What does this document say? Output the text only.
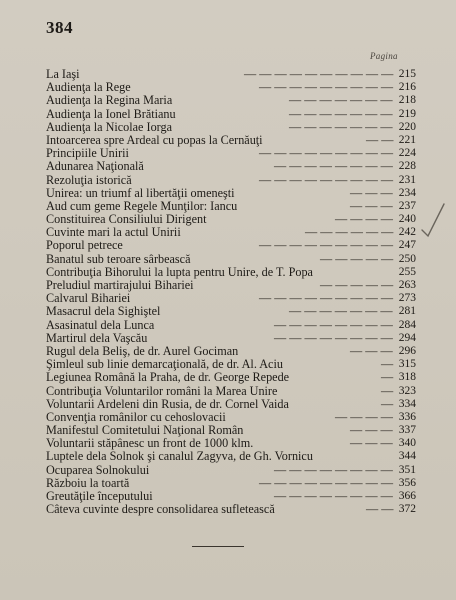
384
Pagina
La Iaşi	— — — — — — — — — — 215
Audienţa la Rege	— — — — — — — — — 216
Audienţa la Regina Maria	— — — — — — — 218
Audienţa la Ionel Brătianu	— — — — — — — 219
Audienţa la Nicolae Iorga	— — — — — — — 220
Intoarcerea spre Ardeal cu popas la Cernăuţi	— — 221
Principiile Unirii	— — — — — — — — — 224
Adunarea Naţională	— — — — — — — — 228
Rezoluţia istorică	— — — — — — — — — 231
Unirea: un triumf al libertăţii omeneşti	— — — 234
Aud cum geme Regele Munţilor: Iancu	— — — 237
Constituirea Consiliului Dirigent	— — — — 240
Cuvinte mari la actul Unirii	— — — — — — 242
Poporul petrece	— — — — — — — — — 247
Banatul sub teroare sârbească	— — — — — 250
Contribuţia Bihorului la lupta pentru Unire, de T. Popa	255
Preludiul martirajului Bihariei	— — — — — 263
Calvarul Bihariei	— — — — — — — — — 273
Masacrul dela Sighiştel	— — — — — — — 281
Asasinatul dela Lunca	— — — — — — — — 284
Martirul dela Vaşcău	— — — — — — — — 294
Rugul dela Beliş, de dr. Aurel Gociman	— — — 296
Şimleul sub linie demarcaţională, de dr. Al. Aciu	— 315
Legiunea Română la Praha, de dr. George Repede	— 318
Contribuţia Voluntarilor români la Marea Unire	— 323
Voluntarii Ardeleni din Rusia, de dr. Cornel Vaida	— 334
Convenţia românilor cu cehoslovacii	— — — — 336
Manifestul Comitetului Naţional Român	— — — 337
Voluntarii stăpânesc un front de 1000 klm.	— — — 340
Luptele dela Solnok şi canalul Zagyva, de Gh. Vornicu	344
Ocuparea Solnokului	— — — — — — — — 351
Războiu la toartă	— — — — — — — — — 356
Greutăţile începutului	— — — — — — — — 366
Câteva cuvinte despre consolidarea sufletească	— — 372
